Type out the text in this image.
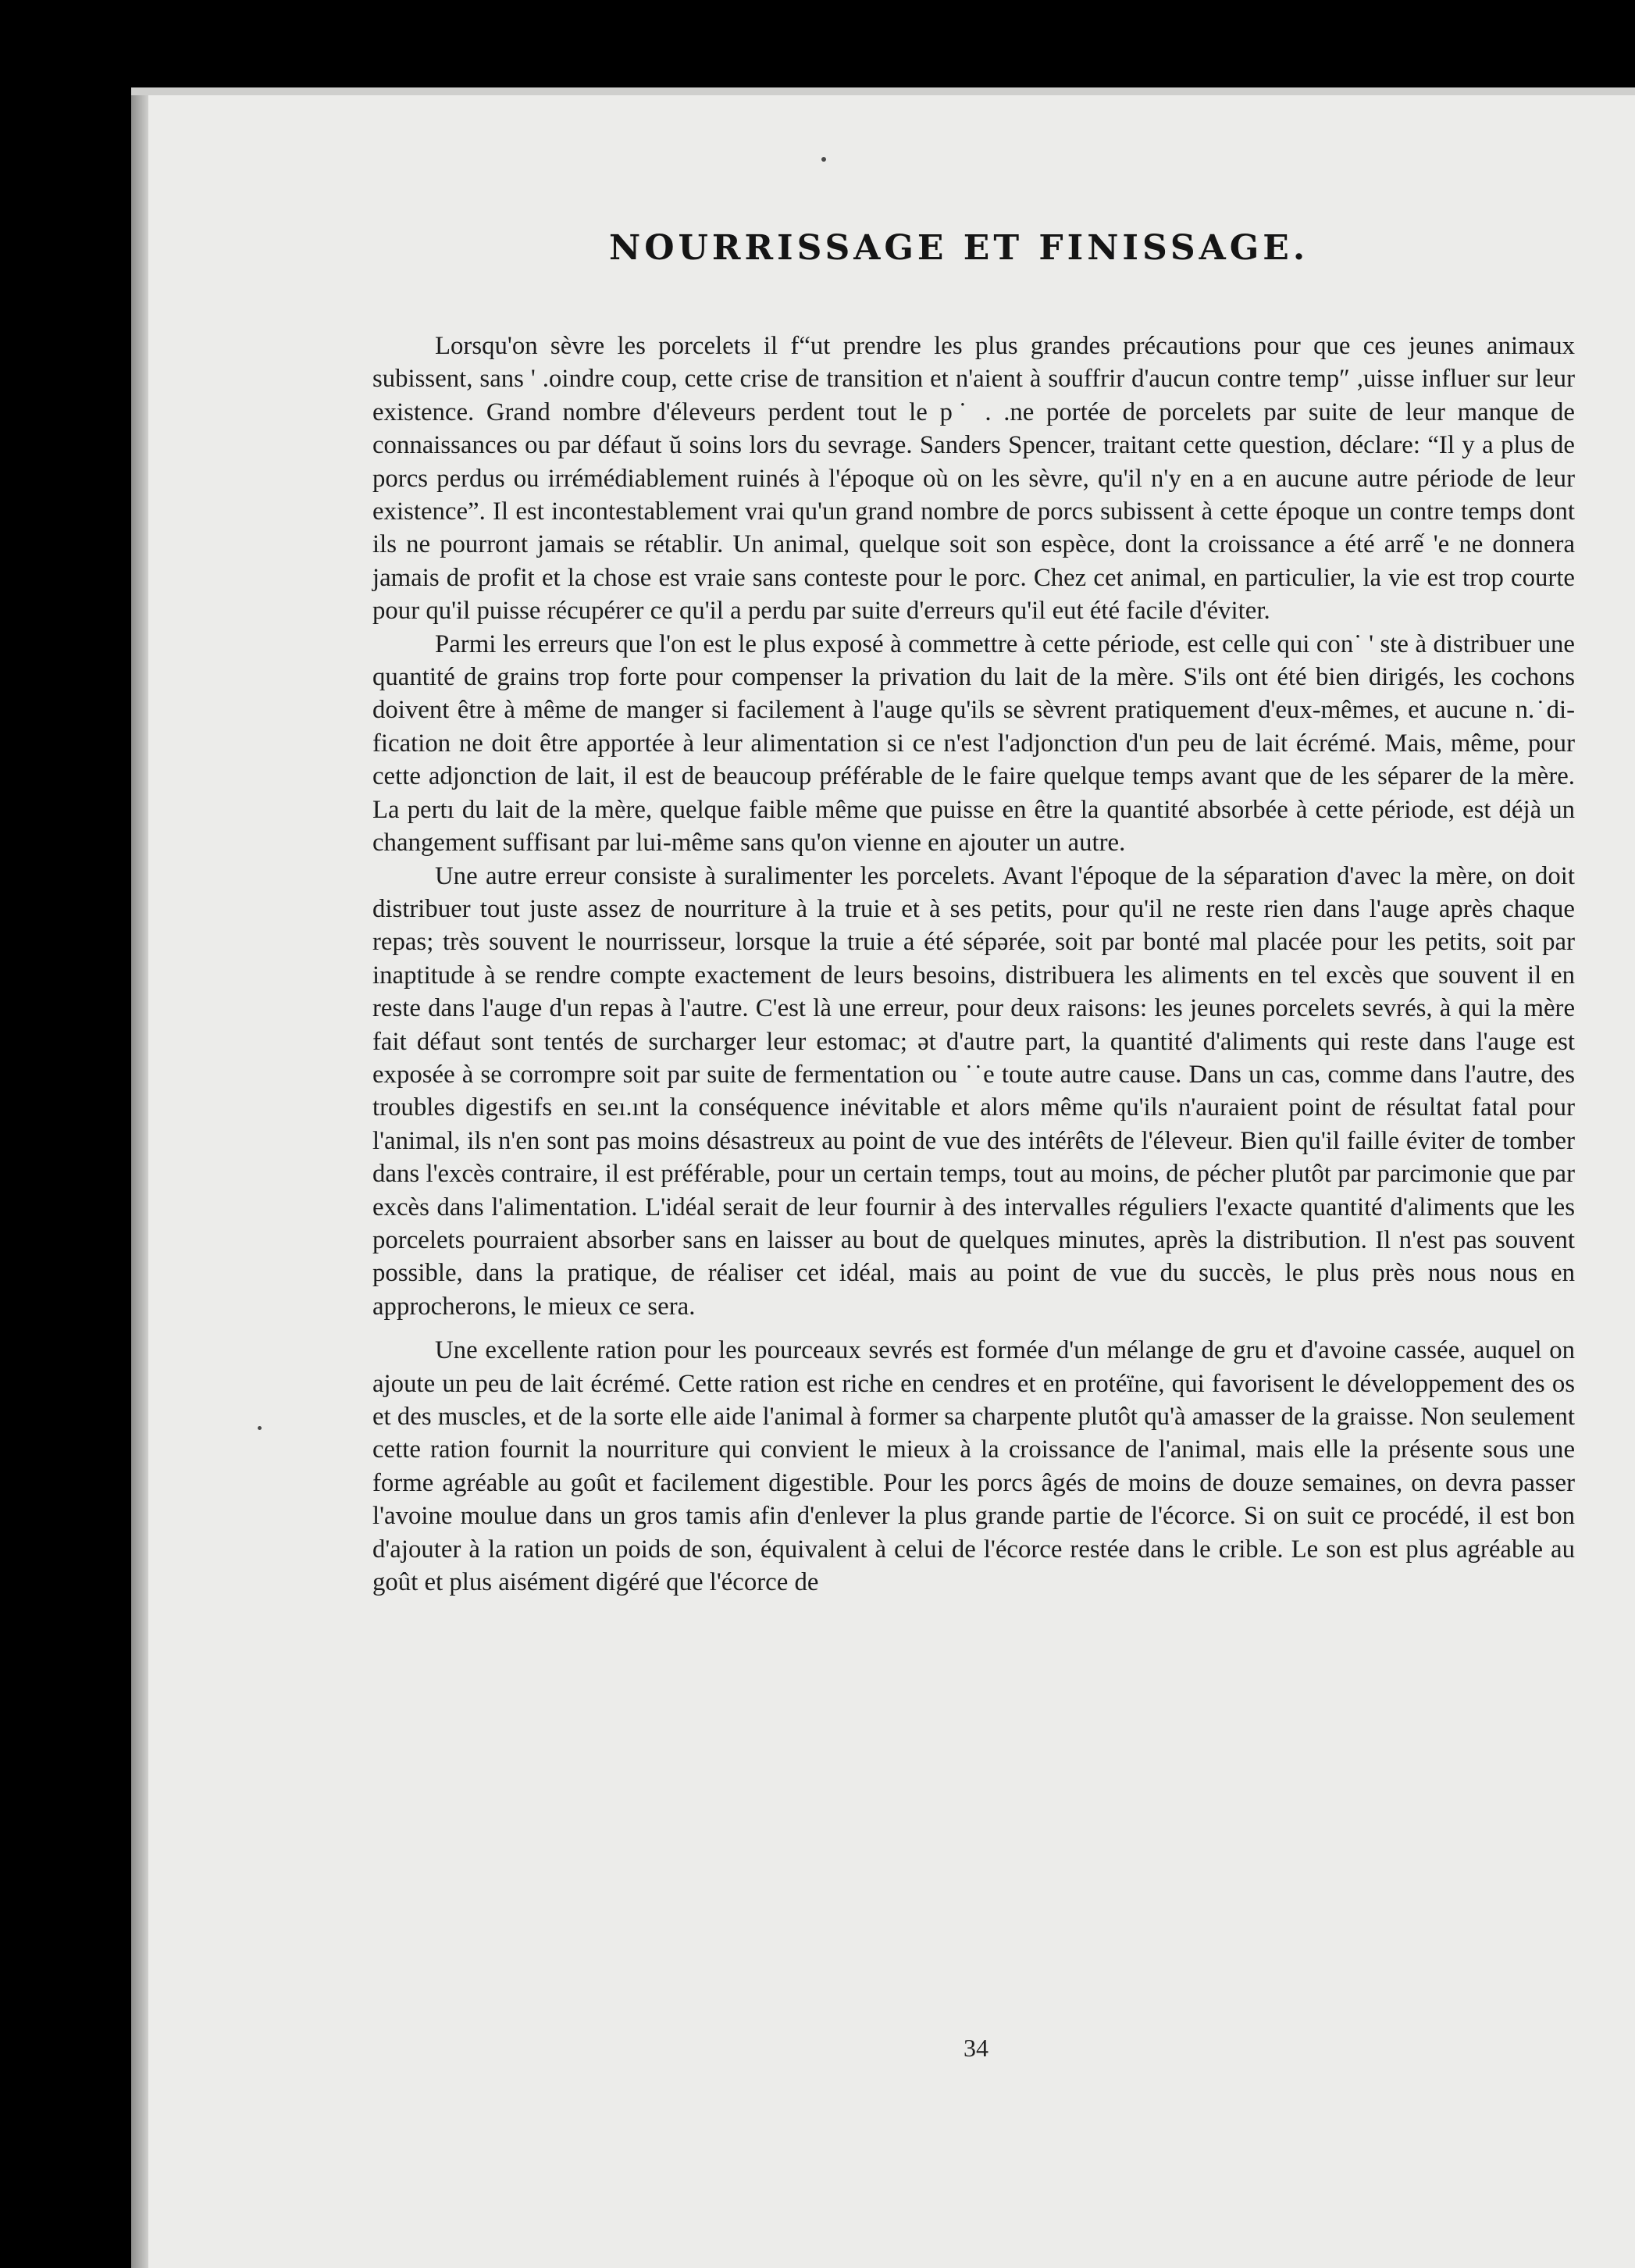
NOURRISSAGE ET FINISSAGE.

Lorsqu'on sèvre les porcelets il f“ut prendre les plus grandes précautions pour que ces jeunes animaux subissent, sans ' .oindre coup, cette crise de transition et n'aient à souffrir d'aucun contre temp″ ,uisse influer sur leur existence. Grand nombre d'éleveurs perdent tout le p˙ . .ne portée de porcelets par suite de leur manque de connaissances ou par défaut ŭ soins lors du sevrage. Sanders Spencer, traitant cette question, déclare: “Il y a plus de porcs perdus ou irrémédiablement ruinés à l'époque où on les sèvre, qu'il n'y en a en aucune autre période de leur existence”. Il est incontestablement vrai qu'un grand nombre de porcs subissent à cette époque un contre temps dont ils ne pourront jamais se rétablir. Un animal, quelque soit son espèce, dont la croissance a été arrế 'e ne donnera jamais de profit et la chose est vraie sans conteste pour le porc. Chez cet animal, en particulier, la vie est trop courte pour qu'il puisse récupérer ce qu'il a perdu par suite d'erreurs qu'il eut été facile d'éviter.

Parmi les erreurs que l'on est le plus exposé à commettre à cette période, est celle qui con˙ ' ste à distribuer une quantité de grains trop forte pour compenser la privation du lait de la mère. S'ils ont été bien dirigés, les cochons doivent être à même de manger si facilement à l'auge qu'ils se sèvrent pratiquement d'eux-mêmes, et aucune n.˙di-fication ne doit être apportée à leur alimentation si ce n'est l'adjonction d'un peu de lait écrémé. Mais, même, pour cette adjonction de lait, il est de beaucoup préférable de le faire quelque temps avant que de les séparer de la mère. La pertı du lait de la mère, quelque faible même que puisse en être la quantité absorbée à cette période, est déjà un changement suffisant par lui-même sans qu'on vienne en ajouter un autre.

Une autre erreur consiste à suralimenter les porcelets. Avant l'époque de la séparation d'avec la mère, on doit distribuer tout juste assez de nourriture à la truie et à ses petits, pour qu'il ne reste rien dans l'auge après chaque repas; très souvent le nourrisseur, lorsque la truie a été sépərée, soit par bonté mal placée pour les petits, soit par inaptitude à se rendre compte exactement de leurs besoins, distribuera les aliments en tel excès que souvent il en reste dans l'auge d'un repas à l'autre. C'est là une erreur, pour deux raisons: les jeunes porcelets sevrés, à qui la mère fait défaut sont tentés de surcharger leur estomac; ət d'autre part, la quantité d'aliments qui reste dans l'auge est exposée à se corrompre soit par suite de fermentation ou ˙˙e toute autre cause. Dans un cas, comme dans l'autre, des troubles digestifs en seı.ınt la conséquence inévitable et alors même qu'ils n'auraient point de résultat fatal pour l'animal, ils n'en sont pas moins désastreux au point de vue des intérêts de l'éleveur. Bien qu'il faille éviter de tomber dans l'excès contraire, il est préférable, pour un certain temps, tout au moins, de pécher plutôt par parcimonie que par excès dans l'alimentation. L'idéal serait de leur fournir à des intervalles réguliers l'exacte quantité d'aliments que les porcelets pourraient absorber sans en laisser au bout de quelques minutes, après la distribution. Il n'est pas souvent possible, dans la pratique, de réaliser cet idéal, mais au point de vue du succès, le plus près nous nous en approcherons, le mieux ce sera.

Une excellente ration pour les pourceaux sevrés est formée d'un mélange de gru et d'avoine cassée, auquel on ajoute un peu de lait écrémé. Cette ration est riche en cendres et en protéïne, qui favorisent le développement des os et des muscles, et de la sorte elle aide l'animal à former sa charpente plutôt qu'à amasser de la graisse. Non seulement cette ration fournit la nourriture qui convient le mieux à la croissance de l'animal, mais elle la présente sous une forme agréable au goût et facilement digestible. Pour les porcs âgés de moins de douze semaines, on devra passer l'avoine moulue dans un gros tamis afin d'enlever la plus grande partie de l'écorce. Si on suit ce procédé, il est bon d'ajouter à la ration un poids de son, équivalent à celui de l'écorce restée dans le crible. Le son est plus agréable au goût et plus aisément digéré que l'écorce de

34
